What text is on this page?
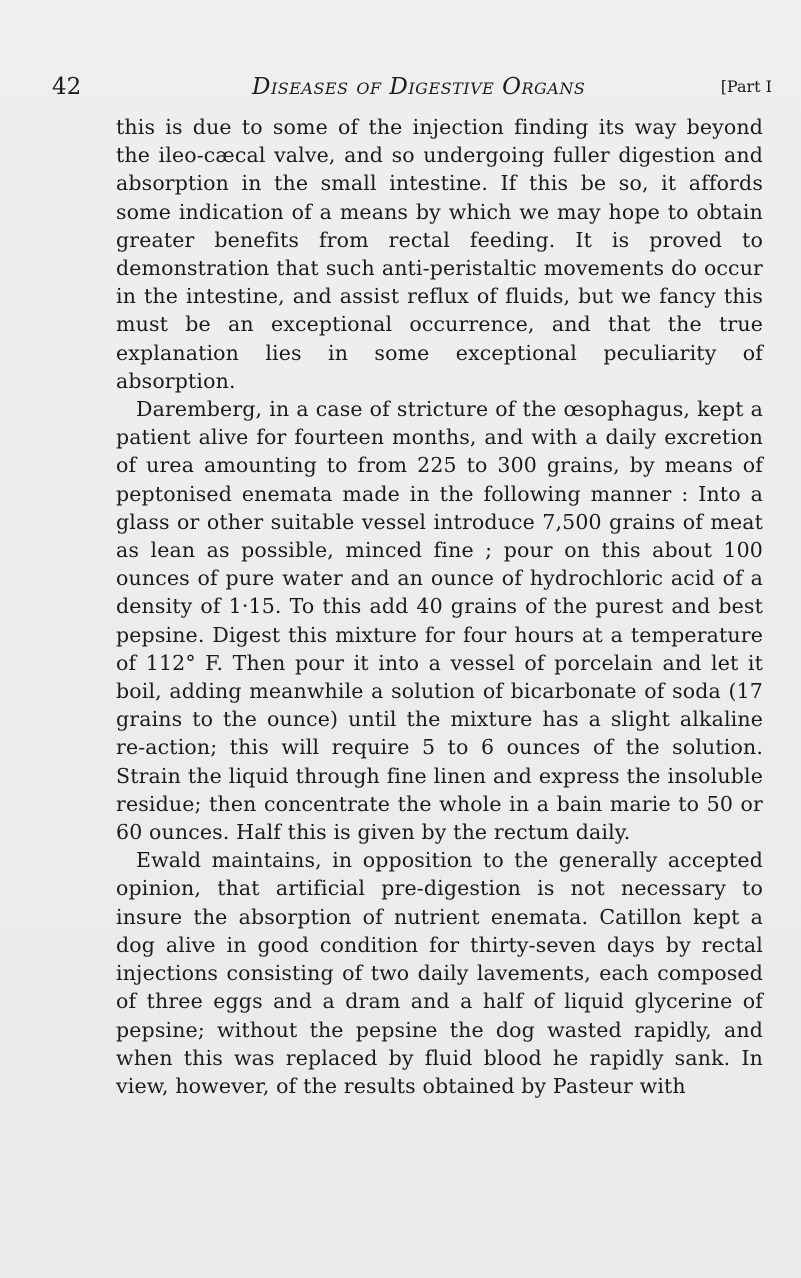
42	Diseases of Digestive Organs	[Part I

this is due to some of the injection finding its way beyond the ileo-cæcal valve, and so undergoing fuller digestion and absorption in the small intestine. If this be so, it affords some indication of a means by which we may hope to obtain greater benefits from rectal feeding. It is proved to demonstration that such anti-peristaltic movements do occur in the intestine, and assist reflux of fluids, but we fancy this must be an exceptional occurrence, and that the true explanation lies in some exceptional peculiarity of absorption.

Daremberg, in a case of stricture of the œsophagus, kept a patient alive for fourteen months, and with a daily excretion of urea amounting to from 225 to 300 grains, by means of peptonised enemata made in the following manner : Into a glass or other suitable vessel introduce 7,500 grains of meat as lean as possible, minced fine ; pour on this about 100 ounces of pure water and an ounce of hydrochloric acid of a density of 1·15. To this add 40 grains of the purest and best pepsine. Digest this mixture for four hours at a temperature of 112° F. Then pour it into a vessel of porcelain and let it boil, adding meanwhile a solution of bicarbonate of soda (17 grains to the ounce) until the mixture has a slight alkaline re-action; this will require 5 to 6 ounces of the solution. Strain the liquid through fine linen and express the insoluble residue; then concentrate the whole in a bain marie to 50 or 60 ounces. Half this is given by the rectum daily.

Ewald maintains, in opposition to the generally accepted opinion, that artificial pre-digestion is not necessary to insure the absorption of nutrient enemata. Catillon kept a dog alive in good condition for thirty-seven days by rectal injections consisting of two daily lavements, each composed of three eggs and a dram and a half of liquid glycerine of pepsine; without the pepsine the dog wasted rapidly, and when this was replaced by fluid blood he rapidly sank. In view, however, of the results obtained by Pasteur with
